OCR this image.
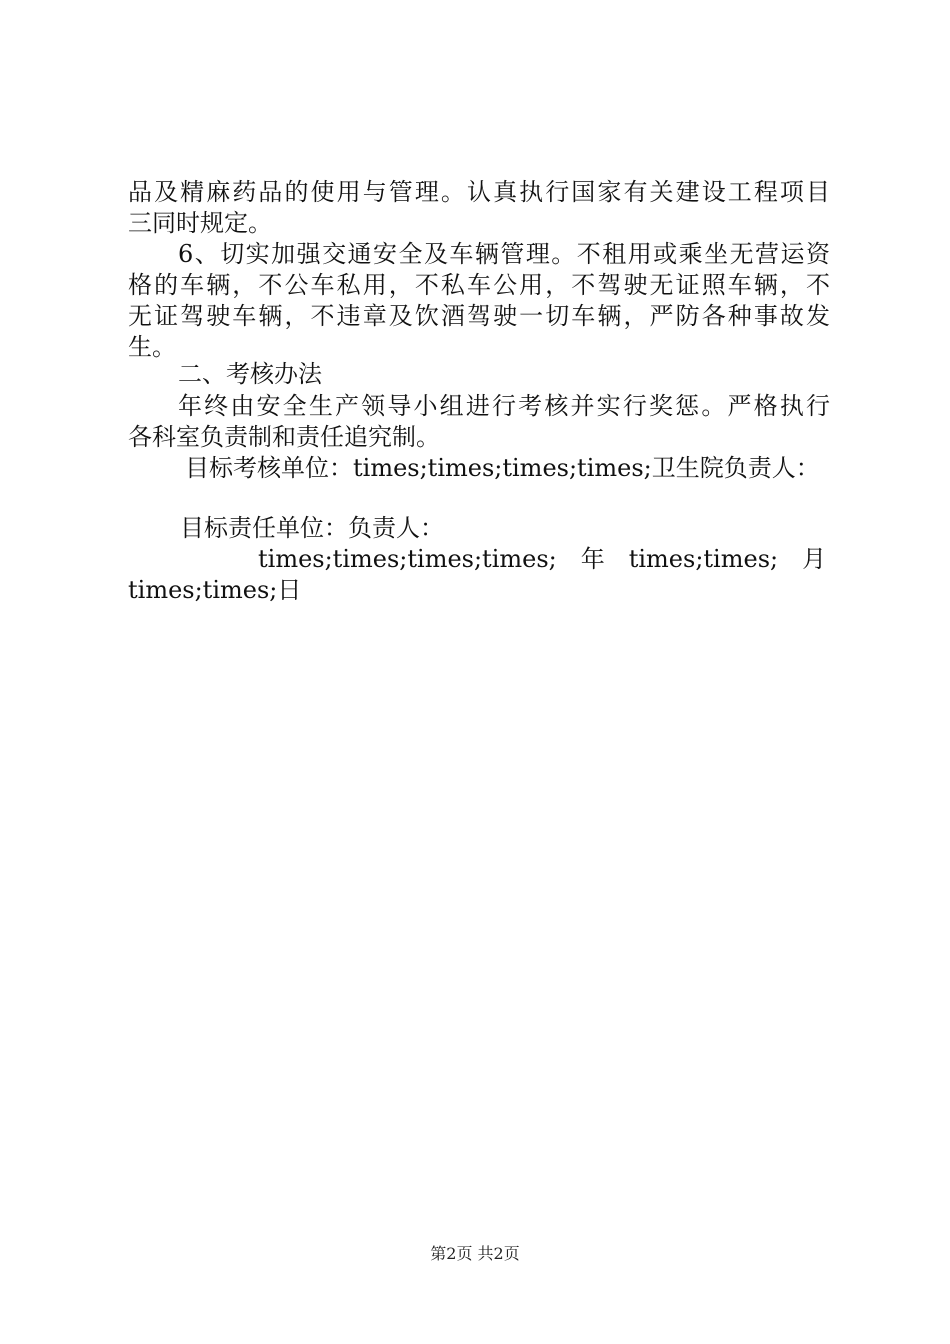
品及精麻药品的使用与管理。认真执行国家有关建设工程项目
三同时规定。
6、切实加强交通安全及车辆管理。不租用或乘坐无营运资
格的车辆，不公车私用，不私车公用，不驾驶无证照车辆，不
无证驾驶车辆，不违章及饮酒驾驶一切车辆，严防各种事故发
生。
二、考核办法
年终由安全生产领导小组进行考核并实行奖惩。严格执行
各科室负责制和责任追究制。
目标考核单位：times;times;times;times;卫生院负责人：
目标责任单位：负责人：
times;times;times;times;　年　times;times;　月
times;times;日
第2页 共2页
